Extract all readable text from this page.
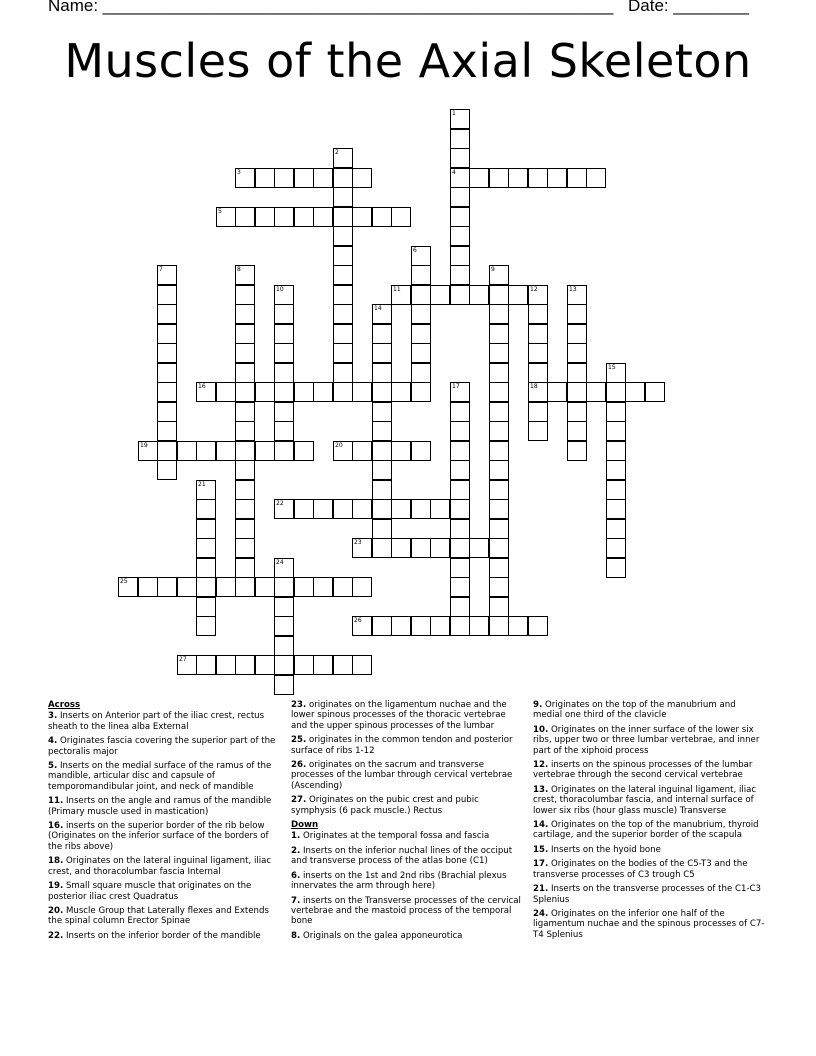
Name: ______________________________________________________ Date: ________
Muscles of the Axial Skeleton
1
4
2
3
5
6
7	8	9
10	11	12
18
13
14
15
16	17
19	20
21
22
23
24
25
26
27
Across

3. Inserts on Anterior part of the iliac crest, rectus sheath to the linea alba External

4. Originates fascia covering the superior part of the pectoralis major

5. Inserts on the medial surface of the ramus of the mandible, articular disc and capsule of temporomandibular joint, and neck of mandible

11. Inserts on the angle and ramus of the mandible (Primary muscle used in mastication)

16. inserts on the superior border of the rib below (Originates on the inferior surface of the borders of the ribs above)

18. Originates on the lateral inguinal ligament, iliac crest, and thoracolumbar fascia Internal

19. Small square muscle that originates on the posterior iliac crest Quadratus

20. Muscle Group that Laterally flexes and Extends the spinal column Erector Spinae

22. Inserts on the inferior border of the mandible

23. originates on the ligamentum nuchae and the lower spinous processes of the thoracic vertebrae and the upper spinous processes of the lumbar

25. originates in the common tendon and posterior surface of ribs 1-12

26. originates on the sacrum and transverse processes of the lumbar through cervical vertebrae (Ascending)

27. Originates on the pubic crest and pubic symphysis (6 pack muscle.) Rectus

Down

1. Originates at the temporal fossa and fascia

2. Inserts on the inferior nuchal lines of the occiput and transverse process of the atlas bone (C1)

6. inserts on the 1st and 2nd ribs (Brachial plexus innervates the arm through here)

7. inserts on the Transverse processes of the cervical vertebrae and the mastoid process of the temporal bone

8. Originals on the galea apponeurotica

9. Originates on the top of the manubrium and medial one third of the clavicle

10. Originates on the inner surface of the lower six ribs, upper two or three lumbar vertebrae, and inner part of the xiphoid process

12. inserts on the spinous processes of the lumbar vertebrae through the second cervical vertebrae

13. Originates on the lateral inguinal ligament, iliac crest, thoracolumbar fascia, and internal surface of lower six ribs (hour glass muscle) Transverse

14. Originates on the top of the manubrium, thyroid cartilage, and the superior border of the scapula

15. Inserts on the hyoid bone

17. Originates on the bodies of the C5-T3 and the transverse processes of C3 trough C5

21. Inserts on the transverse processes of the C1-C3 Splenius

24. Originates on the inferior one half of the ligamentum nuchae and the spinous processes of C7-T4 Splenius
